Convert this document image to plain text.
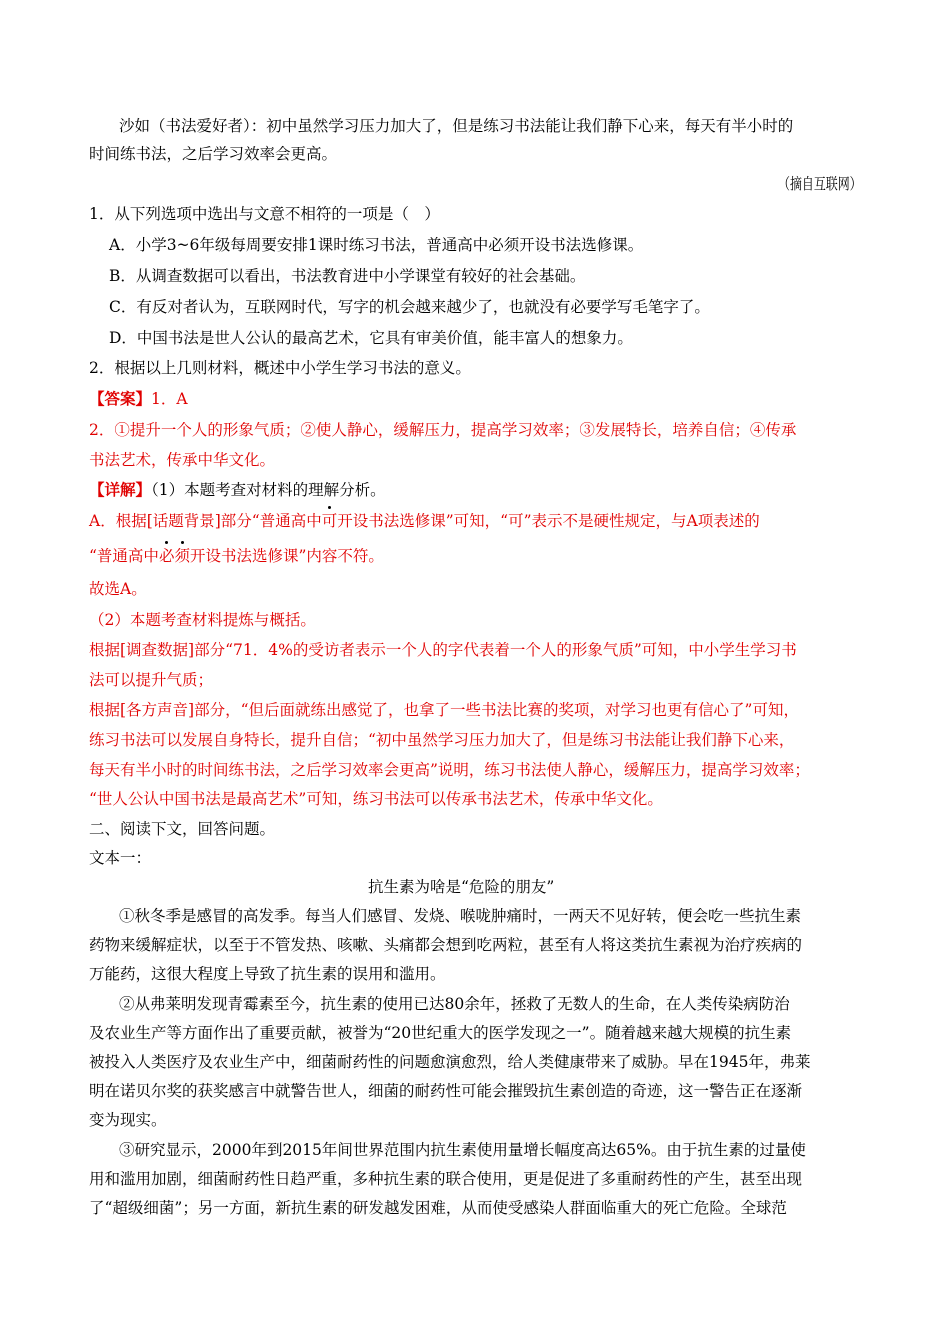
沙如（书法爱好者）：初中虽然学习压力加大了，但是练习书法能让我们静下心来，每天有半小时的
时间练书法，之后学习效率会更高。
（摘自互联网）
1．从下列选项中选出与文意不相符的一项是（　）
A．小学3~6年级每周要安排1课时练习书法，普通高中必须开设书法选修课。
B．从调查数据可以看出，书法教育进中小学课堂有较好的社会基础。
C．有反对者认为，互联网时代，写字的机会越来越少了，也就没有必要学写毛笔字了。
D．中国书法是世人公认的最高艺术，它具有审美价值，能丰富人的想象力。
2．根据以上几则材料，概述中小学生学习书法的意义。
【答案】1．A
2．①提升一个人的形象气质；②使人静心，缓解压力，提高学习效率；③发展特长，培养自信；④传承
书法艺术，传承中华文化。
【详解】（1）本题考查对材料的理解分析。
A．根据[话题背景]部分“普通高中可开设书法选修课”可知，“可”表示不是硬性规定，与A项表述的
“普通高中必须开设书法选修课”内容不符。
故选A。
（2）本题考查材料提炼与概括。
根据[调查数据]部分“71．4%的受访者表示一个人的字代表着一个人的形象气质”可知，中小学生学习书
法可以提升气质；
根据[各方声音]部分，“但后面就练出感觉了，也拿了一些书法比赛的奖项，对学习也更有信心了”可知，
练习书法可以发展自身特长，提升自信；“初中虽然学习压力加大了，但是练习书法能让我们静下心来，
每天有半小时的时间练书法，之后学习效率会更高”说明，练习书法使人静心，缓解压力，提高学习效率；
“世人公认中国书法是最高艺术”可知，练习书法可以传承书法艺术，传承中华文化。
二、阅读下文，回答问题。
文本一：
抗生素为啥是“危险的朋友”
①秋冬季是感冒的高发季。每当人们感冒、发烧、喉咙肿痛时，一两天不见好转，便会吃一些抗生素
药物来缓解症状，以至于不管发热、咳嗽、头痛都会想到吃两粒，甚至有人将这类抗生素视为治疗疾病的
万能药，这很大程度上导致了抗生素的误用和滥用。
②从弗莱明发现青霉素至今，抗生素的使用已达80余年，拯救了无数人的生命，在人类传染病防治
及农业生产等方面作出了重要贡献，被誉为“20世纪重大的医学发现之一”。随着越来越大规模的抗生素
被投入人类医疗及农业生产中，细菌耐药性的问题愈演愈烈，给人类健康带来了威胁。早在1945年，弗莱
明在诺贝尔奖的获奖感言中就警告世人，细菌的耐药性可能会摧毁抗生素创造的奇迹，这一警告正在逐渐
变为现实。
③研究显示，2000年到2015年间世界范围内抗生素使用量增长幅度高达65%。由于抗生素的过量使
用和滥用加剧，细菌耐药性日趋严重，多种抗生素的联合使用，更是促进了多重耐药性的产生，甚至出现
了“超级细菌”；另一方面，新抗生素的研发越发困难，从而使受感染人群面临重大的死亡危险。全球范
